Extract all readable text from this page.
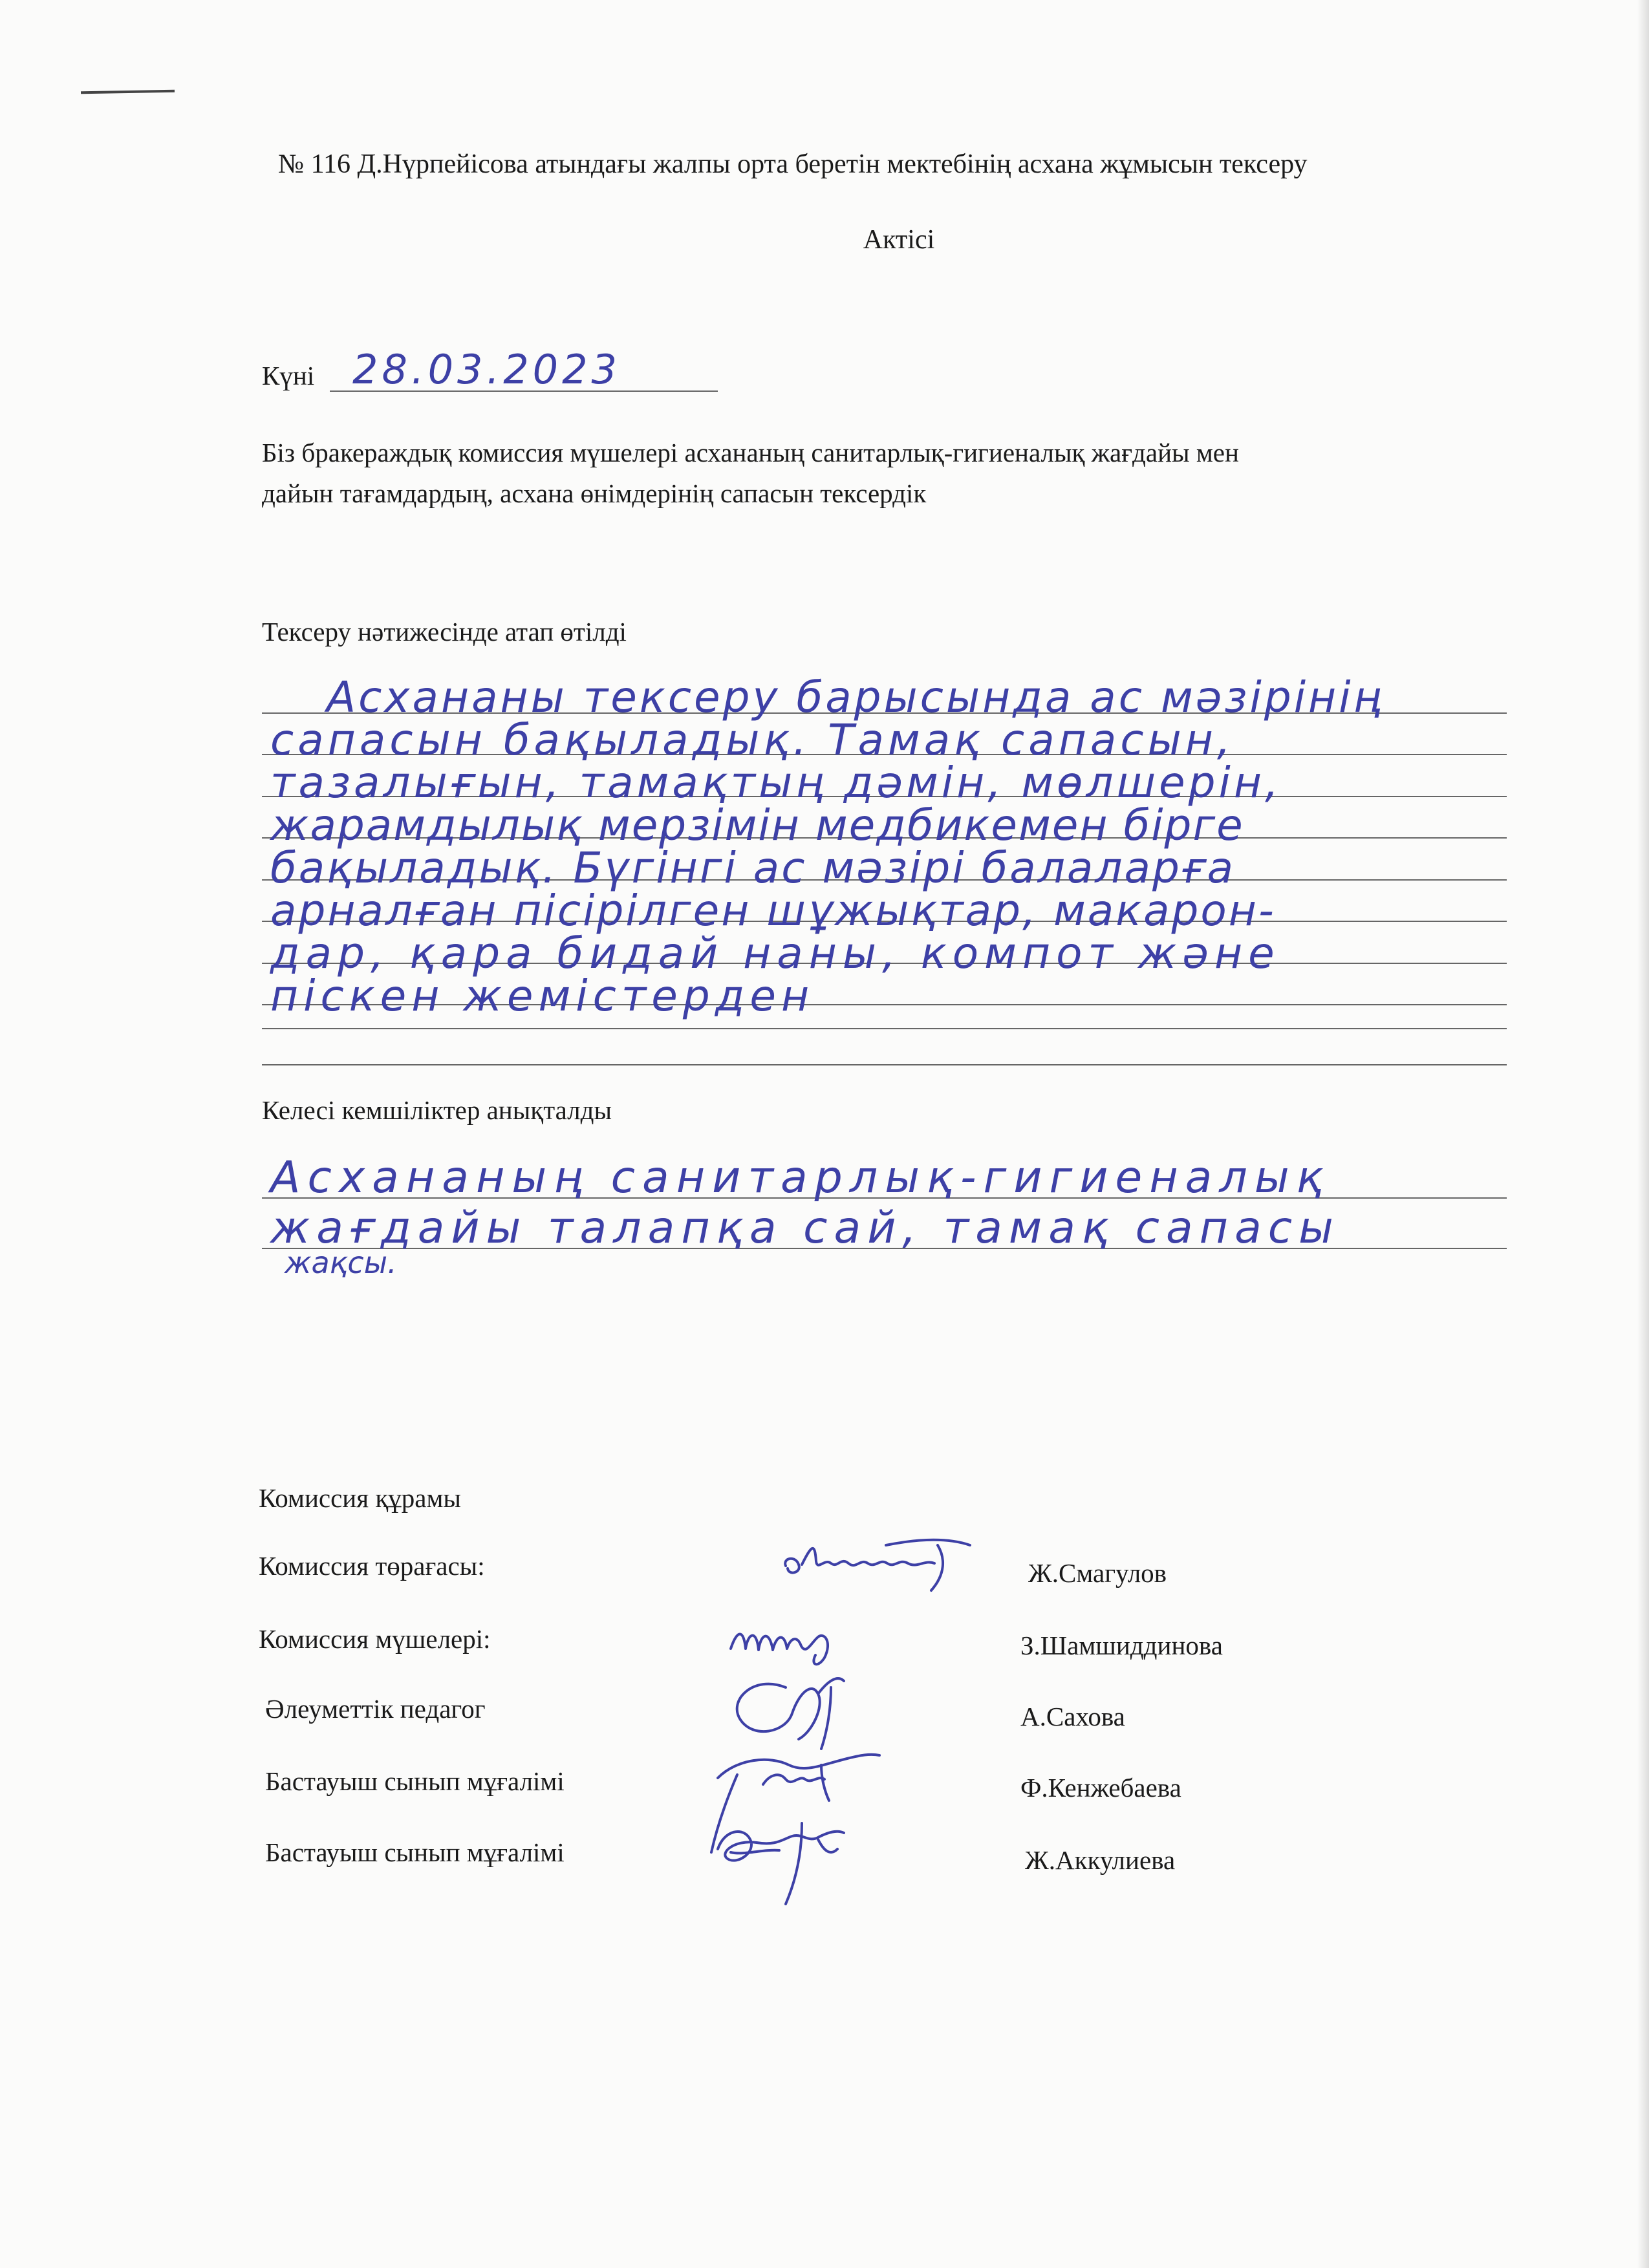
№ 116 Д.Нүрпейісова атындағы жалпы орта беретін мектебінің асхана жұмысын тексеру
Актісі
Күні 28.03.2023
Біз бракераждық комиссия мүшелері асхананың санитарлық-гигиеналық жағдайы мен
дайын тағамдардың, асхана өнімдерінің сапасын тексердік
Тексеру нәтижесінде атап өтілді
Асхананы тексеру барысында ас мәзірінің
сапасын бақыладық. Тамақ сапасын,
тазалығын, тамақтың дәмін, мөлшерін,
жарамдылық мерзімін медбикемен бірге
бақыладық. Бүгінгі ас мәзірі балаларға
арналған пісірілген шұжықтар, макарон-
дар, қара бидай наны, компот және
піскен жемістерден
Келесі кемшіліктер анықталды
Асхананың санитарлық-гигиеналық
жағдайы талапқа сай, тамақ сапасы
жақсы.
Комиссия құрамы
Комиссия төрағасы:	Ж.Смагулов
Комиссия мүшелері:	З.Шамшиддинова
Әлеуметтік педагог	А.Сахова
Бастауыш сынып мұғалімі	Ф.Кенжебаева
Бастауыш сынып мұғалімі	Ж.Аккулиева
